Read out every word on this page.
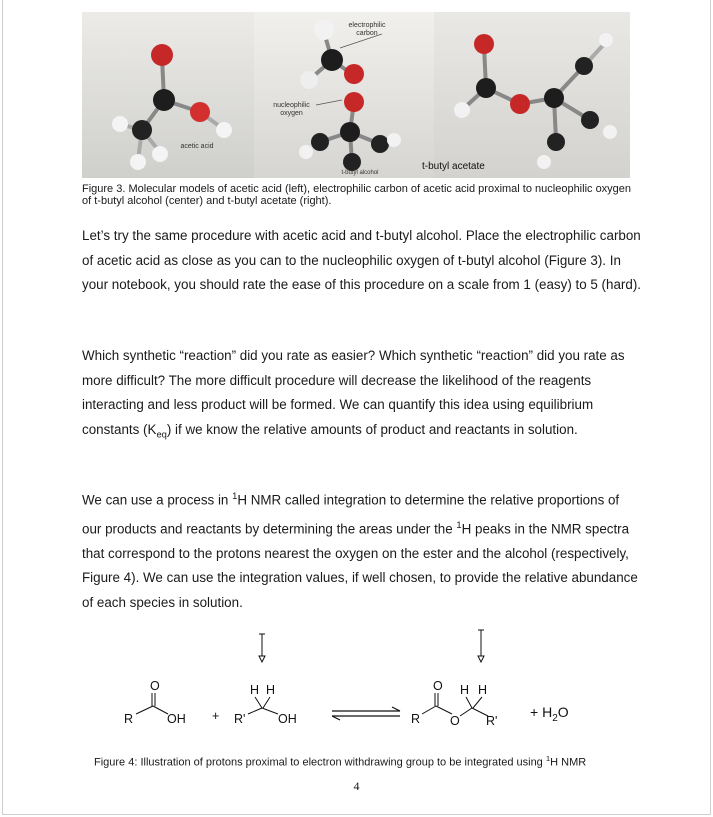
acetic acid
electrophilic carbon
nucleophilic oxygen
t-butyl alcohol
t-butyl acetate
Figure 3. Molecular models of acetic acid (left), electrophilic carbon of acetic acid proximal to nucleophilic oxygen of t-butyl alcohol (center) and t-butyl acetate (right).
Let’s try the same procedure with acetic acid and t-butyl alcohol. Place the electrophilic carbon of acetic acid as close as you can to the nucleophilic oxygen of t-butyl alcohol (Figure 3). In your notebook, you should rate the ease of this procedure on a scale from 1 (easy) to 5 (hard).
Which synthetic “reaction” did you rate as easier? Which synthetic “reaction” did you rate as more difficult? The more difficult procedure will decrease the likelihood of the reagents interacting and less product will be formed. We can quantify this idea using equilibrium constants $(K_{eq})$ if we know the relative amounts of product and reactants in solution.
We can use a process in $^1$H NMR called integration to determine the relative proportions of our products and reactants by determining the areas under the $^1$H peaks in the NMR spectra that correspond to the protons nearest the oxygen on the ester and the alcohol (respectively, Figure 4). We can use the integration values, if well chosen, to provide the relative abundance of each species in solution.
O
R	OH +
H H
R'	OH
O
R O
H H
R'
+ $H_2O$
Figure 4: Illustration of protons proximal to electron withdrawing group to be integrated using $^1$H NMR
4
